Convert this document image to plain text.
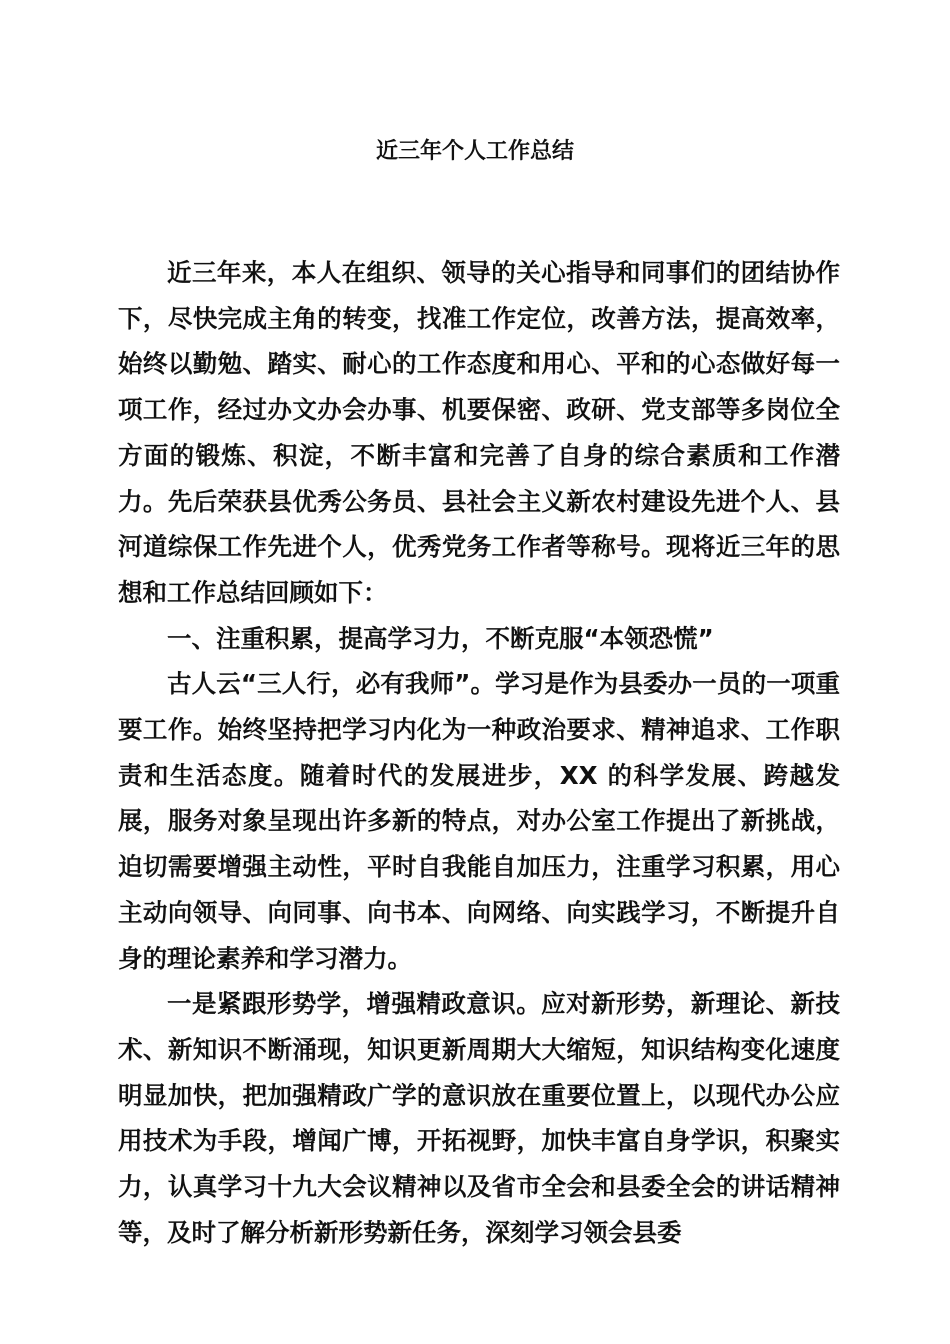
近三年个人工作总结

近三年来，本人在组织、领导的关心指导和同事们的团结协作下，尽快完成主角的转变，找准工作定位，改善方法，提高效率，始终以勤勉、踏实、耐心的工作态度和用心、平和的心态做好每一项工作，经过办文办会办事、机要保密、政研、党支部等多岗位全方面的锻炼、积淀，不断丰富和完善了自身的综合素质和工作潜力。先后荣获县优秀公务员、县社会主义新农村建设先进个人、县河道综保工作先进个人，优秀党务工作者等称号。现将近三年的思想和工作总结回顾如下：

一、注重积累，提高学习力，不断克服“本领恐慌”

古人云“三人行，必有我师”。学习是作为县委办一员的一项重要工作。始终坚持把学习内化为一种政治要求、精神追求、工作职责和生活态度。随着时代的发展进步，XX 的科学发展、跨越发展，服务对象呈现出许多新的特点，对办公室工作提出了新挑战，迫切需要增强主动性，平时自我能自加压力，注重学习积累，用心主动向领导、向同事、向书本、向网络、向实践学习，不断提升自身的理论素养和学习潜力。

一是紧跟形势学，增强精政意识。应对新形势，新理论、新技术、新知识不断涌现，知识更新周期大大缩短，知识结构变化速度明显加快，把加强精政广学的意识放在重要位置上，以现代办公应用技术为手段，增闻广博，开拓视野，加快丰富自身学识，积聚实力，认真学习十九大会议精神以及省市全会和县委全会的讲话精神等，及时了解分析新形势新任务，深刻学习领会县委
